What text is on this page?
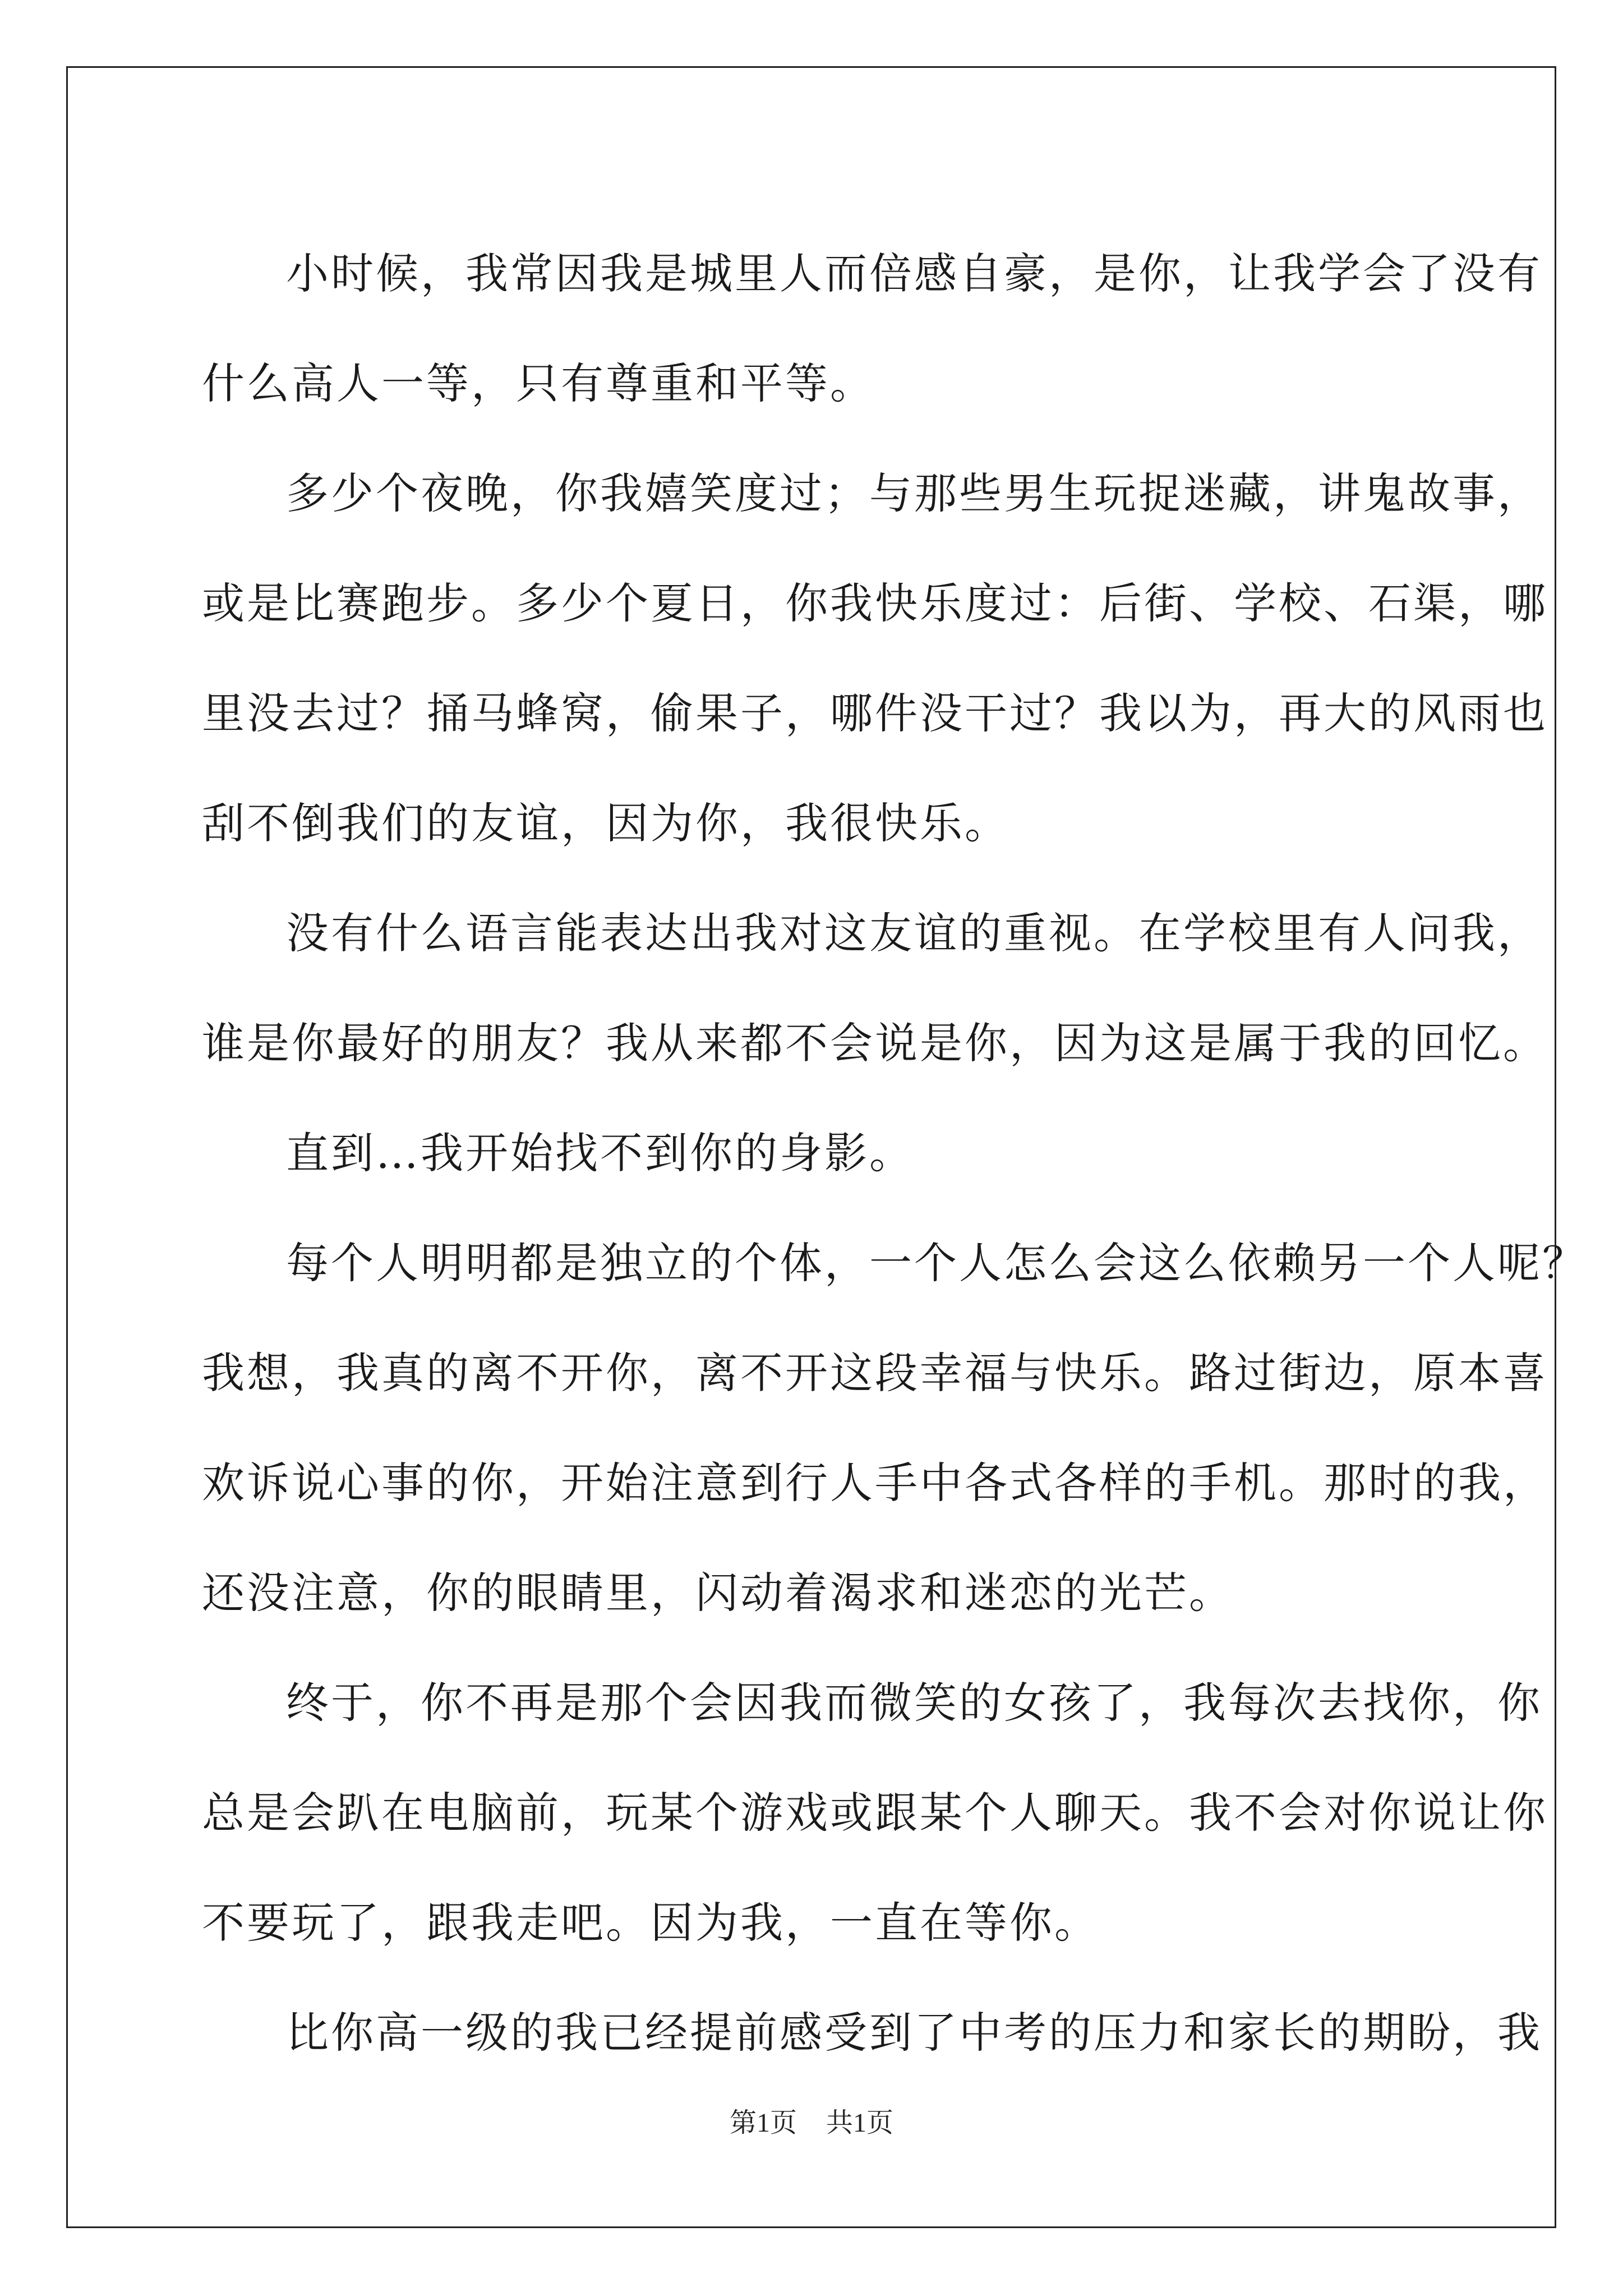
小时候，我常因我是城里人而倍感自豪，是你，让我学会了没有
什么高人一等，只有尊重和平等。
多少个夜晚，你我嬉笑度过；与那些男生玩捉迷藏，讲鬼故事，
或是比赛跑步。多少个夏日，你我快乐度过：后街、学校、石渠，哪
里没去过？捅马蜂窝，偷果子，哪件没干过？我以为，再大的风雨也
刮不倒我们的友谊，因为你，我很快乐。
没有什么语言能表达出我对这友谊的重视。在学校里有人问我，
谁是你最好的朋友？我从来都不会说是你，因为这是属于我的回忆。
直到…我开始找不到你的身影。
每个人明明都是独立的个体，一个人怎么会这么依赖另一个人呢？
我想，我真的离不开你，离不开这段幸福与快乐。路过街边，原本喜
欢诉说心事的你，开始注意到行人手中各式各样的手机。那时的我，
还没注意，你的眼睛里，闪动着渴求和迷恋的光芒。
终于，你不再是那个会因我而微笑的女孩了，我每次去找你，你
总是会趴在电脑前，玩某个游戏或跟某个人聊天。我不会对你说让你
不要玩了，跟我走吧。因为我，一直在等你。
比你高一级的我已经提前感受到了中考的压力和家长的期盼，我
第1页 共1页
